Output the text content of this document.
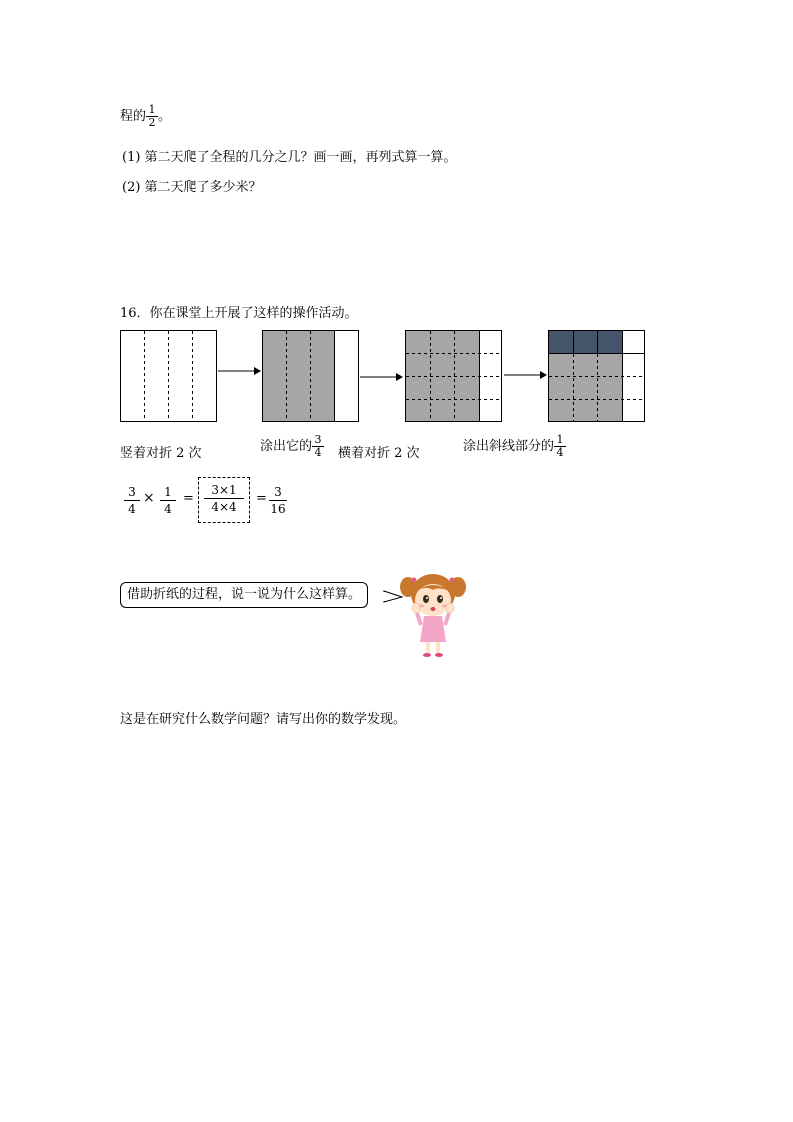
程的 $\frac{1}{2}$ 。
(1) 第二天爬了全程的几分之几？画一画，再列式算一算。
(2) 第二天爬了多少米？
16．你在课堂上开展了这样的操作活动。
竖着对折 2 次	涂出它的 $\frac{3}{4}$ 横着对折 2 次	涂出斜线部分的 $\frac{1}{4}$
3
4
× 1
4
=
3×1
4×4
= 3
16
借助折纸的过程，说一说为什么这样算。
这是在研究什么数学问题？请写出你的数学发现。
